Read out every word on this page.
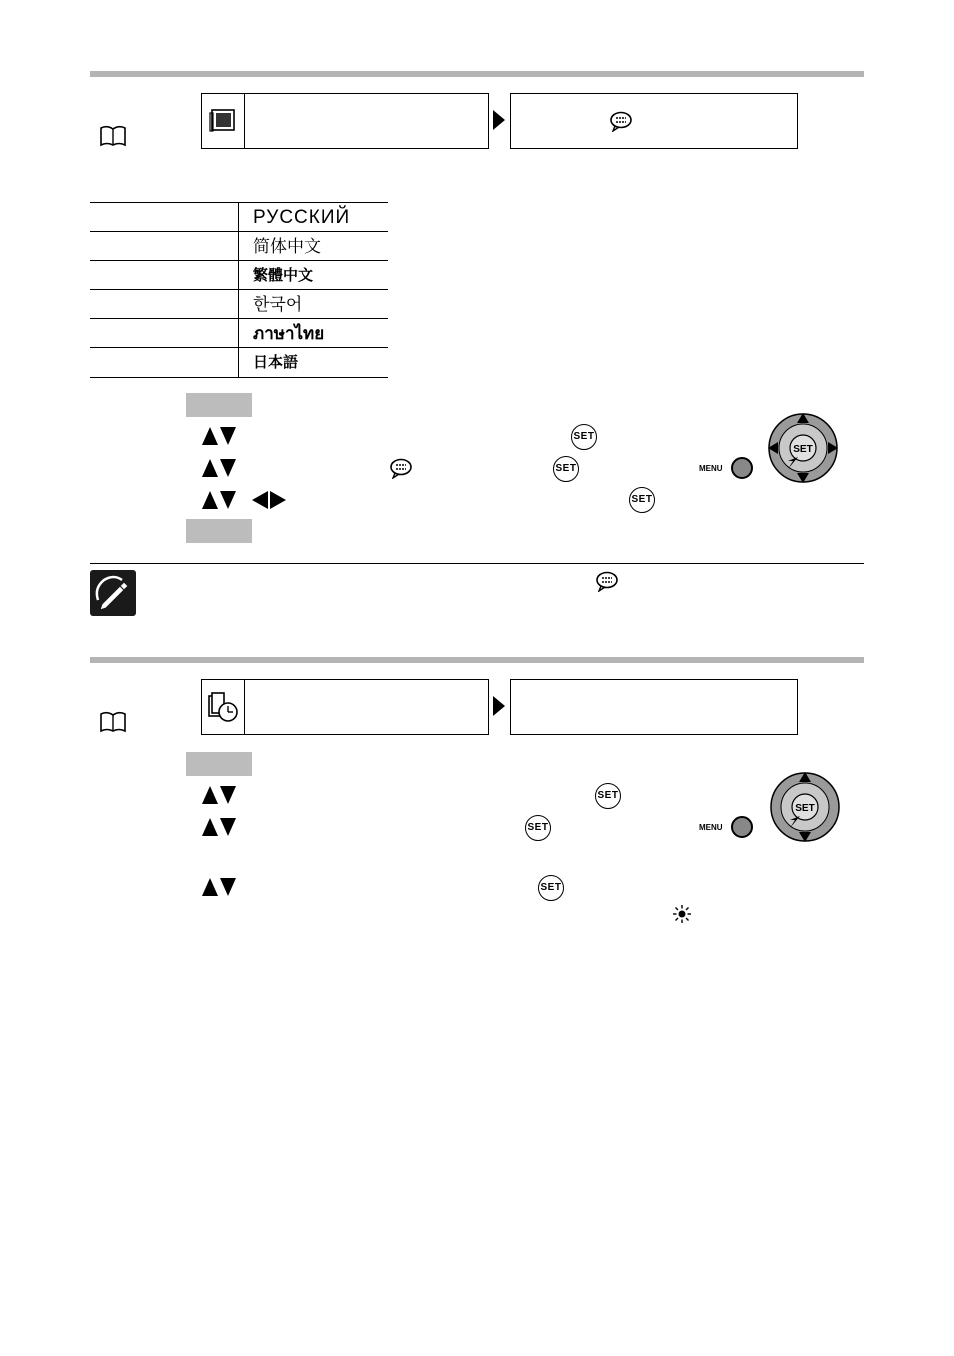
РУССКИЙ
简体中文
繁體中文
한국어
ภาษาไทย
日本語
SET
SET	MENU
SET
SET
SET
SET	MENU
SET
SET
